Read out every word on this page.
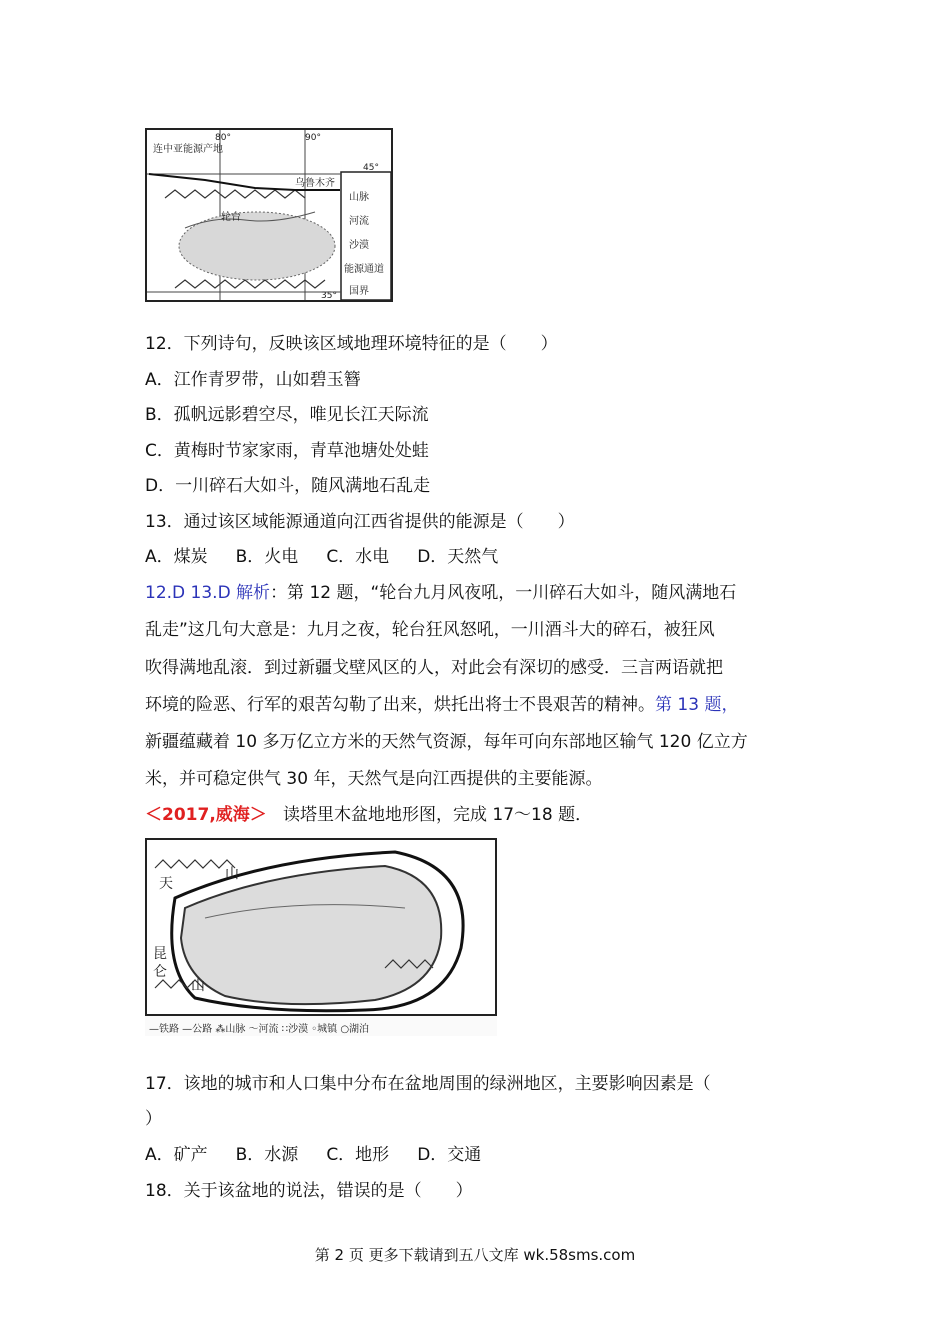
80°	90°
45°
35°
连中亚能源产地
乌鲁木齐
轮台
山脉
河流
沙漠
能源通道
国界
12．下列诗句，反映该区域地理环境特征的是（　　）
A．江作青罗带，山如碧玉簪
B．孤帆远影碧空尽，唯见长江天际流
C．黄梅时节家家雨，青草池塘处处蛙
D．一川碎石大如斗，随风满地石乱走
13．通过该区域能源通道向江西省提供的能源是（　　）
A．煤炭 B．火电 C．水电 D．天然气
12.D 13.D 解析：第 12 题，“轮台九月风夜吼，一川碎石大如斗，随风满地石
乱走”这几句大意是：九月之夜，轮台狂风怒吼，一川酒斗大的碎石，被狂风
吹得满地乱滚．到过新疆戈壁风区的人，对此会有深切的感受．三言两语就把
环境的险恶、行军的艰苦勾勒了出来，烘托出将士不畏艰苦的精神。第 13 题，
新疆蕴藏着 10 多万亿立方米的天然气资源，每年可向东部地区输气 120 亿立方
米，并可稳定供气 30 年，天然气是向江西提供的主要能源。
＜2017,威海＞ 读塔里木盆地地形图，完成 17～18 题．
天
山
昆
仑
山
—铁路 —公路 ⁂山脉 ～河流 ∷沙漠 ◦城镇 ○湖泊
17．该地的城市和人口集中分布在盆地周围的绿洲地区，主要影响因素是（
）
A．矿产 B．水源 C．地形 D．交通
18．关于该盆地的说法，错误的是（　　）
第 2 页 更多下载请到五八文库 wk.58sms.com
